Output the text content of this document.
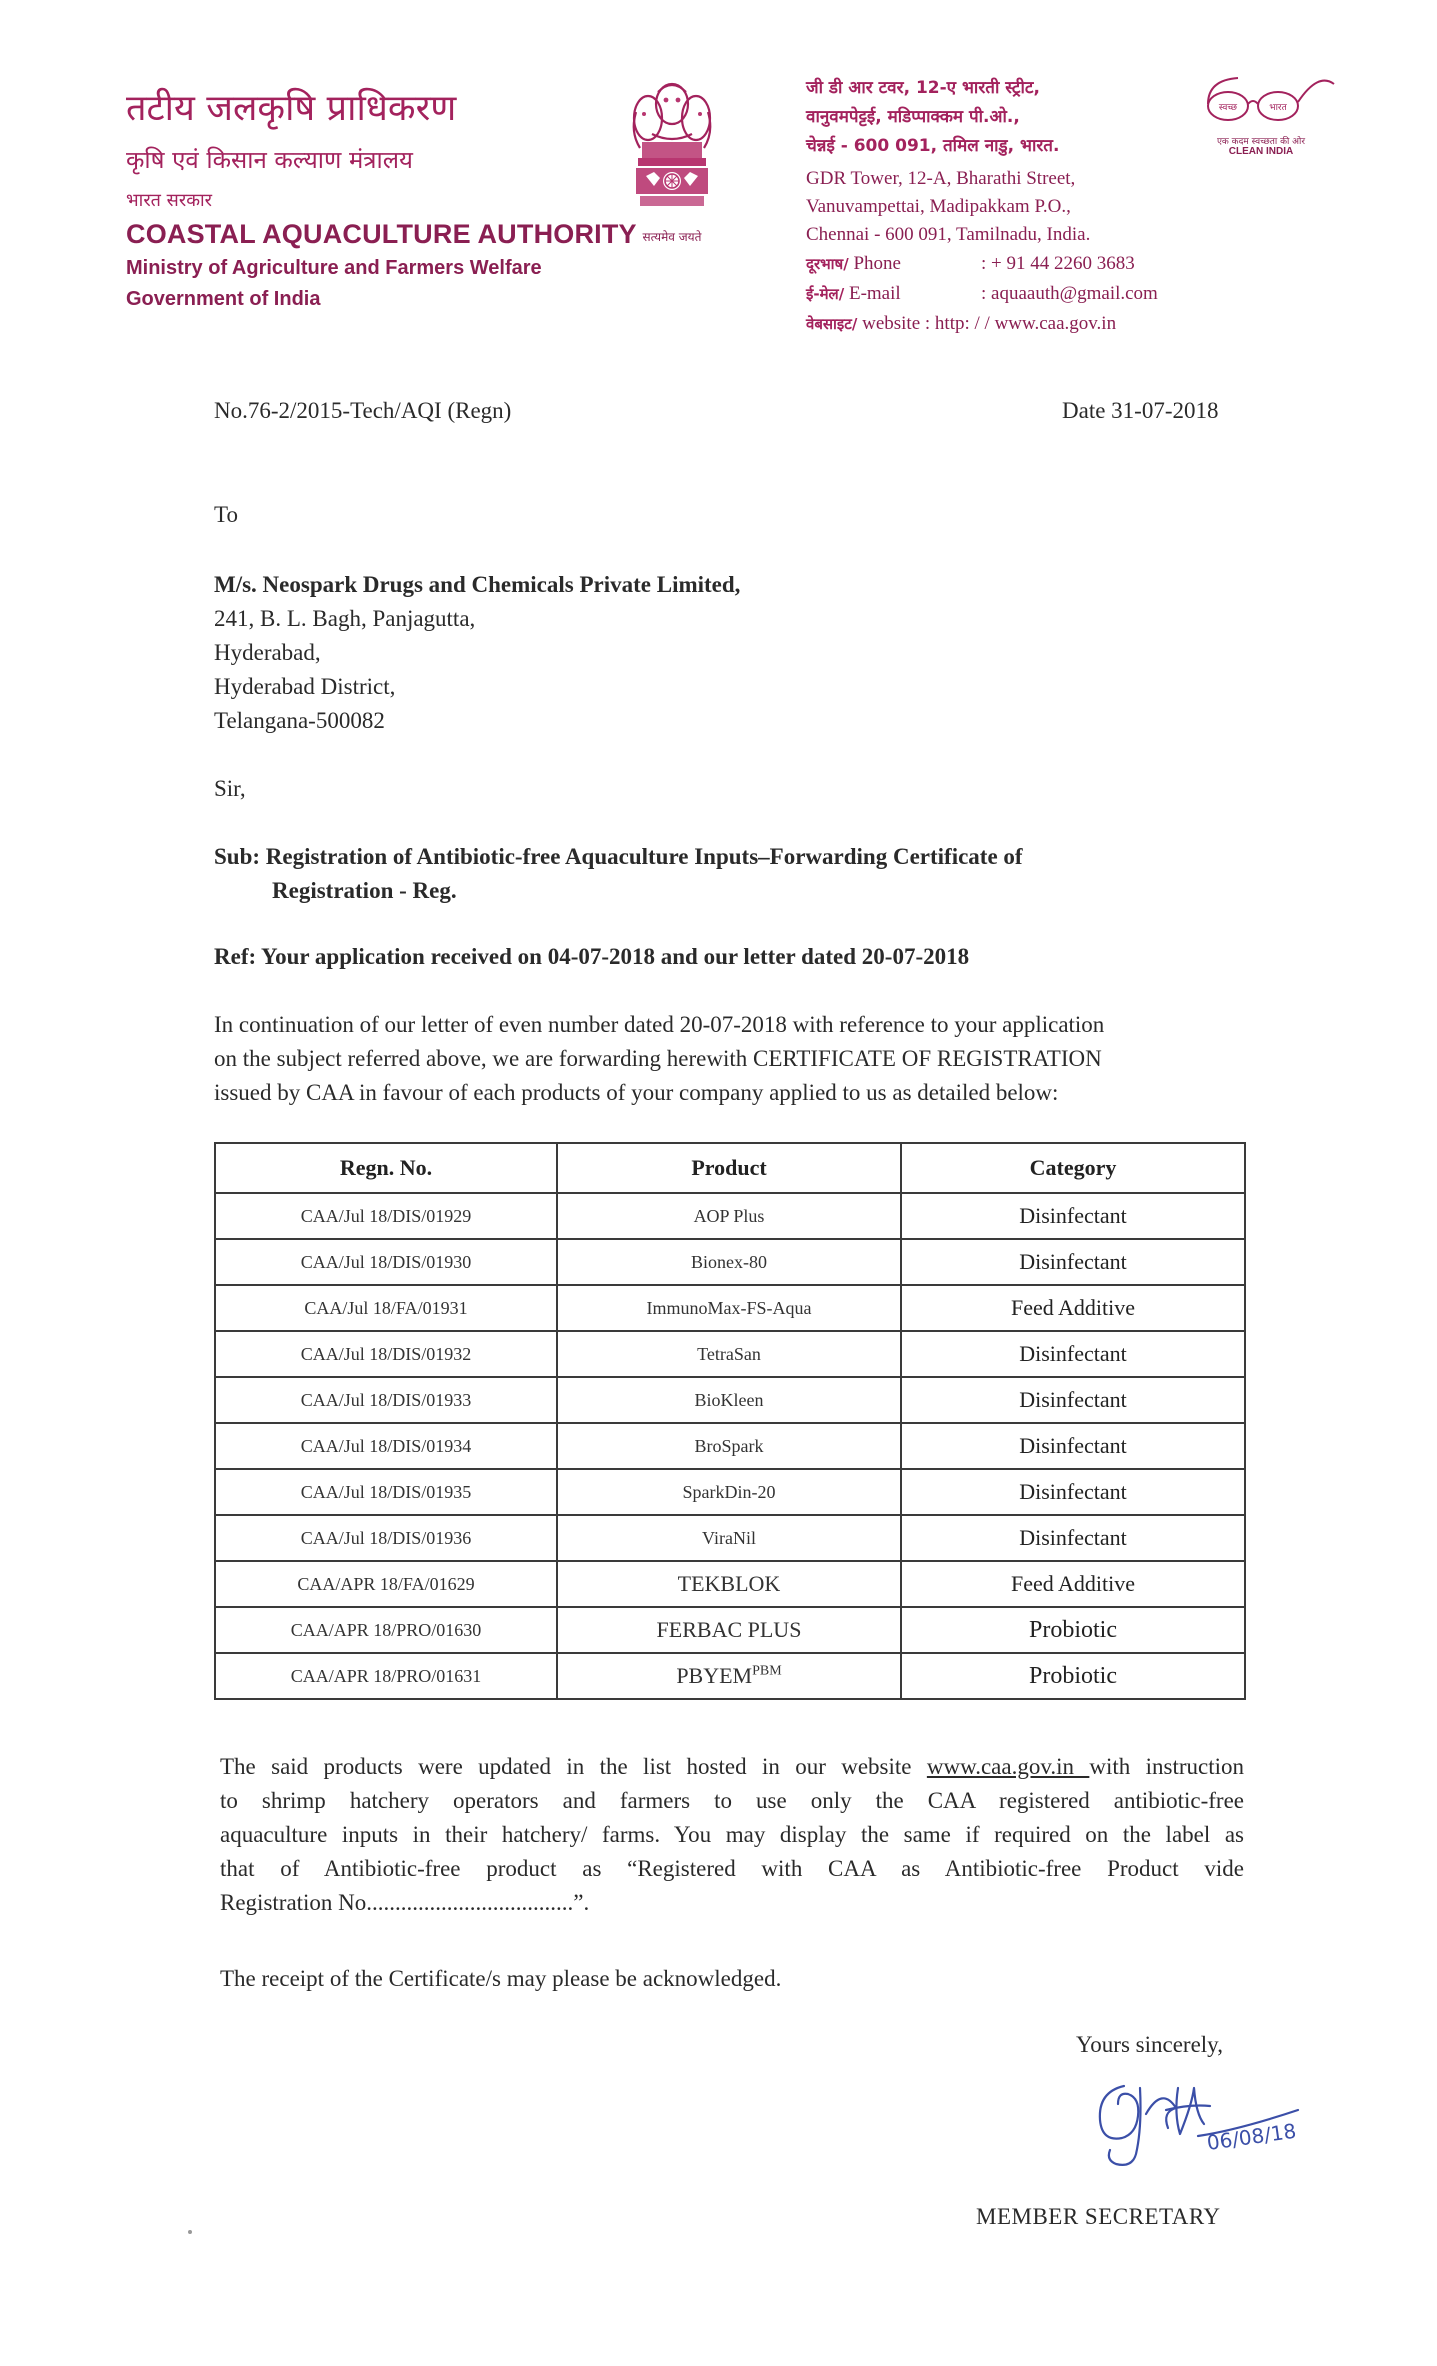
तटीय जलकृषि प्राधिकरण
कृषि एवं किसान कल्याण मंत्रालय
भारत सरकार
COASTAL AQUACULTURE AUTHORITY
Ministry of Agriculture and Farmers Welfare
Government of India
सत्यमेव जयते
जी डी आर टवर, 12-ए भारती स्ट्रीट,
वानुवमपेट्टई, मडिप्पाक्कम पी.ओ.,
चेन्नई - 600 091, तमिल नाडु, भारत.
GDR Tower, 12-A, Bharathi Street,
Vanuvampettai, Madipakkam P.O.,
Chennai - 600 091, Tamilnadu, India.
दूरभाष/ Phone	: + 91 44 2260 3683
ई-मेल/ E-mail	: aquaauth@gmail.com
वेबसाइट/ website : http: / / www.caa.gov.in
स्वच्छ	भारत
एक कदम स्वच्छता की ओर
CLEAN INDIA
No.76-2/2015-Tech/AQI (Regn)	Date 31-07-2018
To
M/s. Neospark Drugs and Chemicals Private Limited,
241, B. L. Bagh, Panjagutta,
Hyderabad,
Hyderabad District,
Telangana-500082
Sir,
Sub: Registration of Antibiotic-free Aquaculture Inputs–Forwarding Certificate of
Registration - Reg.
Ref: Your application received on 04-07-2018 and our letter dated 20-07-2018
In continuation of our letter of even number dated 20-07-2018 with reference to your application
on the subject referred above, we are forwarding herewith CERTIFICATE OF REGISTRATION
issued by CAA in favour of each products of your company applied to us as detailed below:
Regn. No.	Product	Category
CAA/Jul 18/DIS/01929	AOP Plus	Disinfectant
CAA/Jul 18/DIS/01930	Bionex-80	Disinfectant
CAA/Jul 18/FA/01931	ImmunoMax-FS-Aqua	Feed Additive
CAA/Jul 18/DIS/01932	TetraSan	Disinfectant
CAA/Jul 18/DIS/01933	BioKleen	Disinfectant
CAA/Jul 18/DIS/01934	BroSpark	Disinfectant
CAA/Jul 18/DIS/01935	SparkDin-20	Disinfectant
CAA/Jul 18/DIS/01936	ViraNil	Disinfectant
CAA/APR 18/FA/01629	TEKBLOK	Feed Additive
CAA/APR 18/PRO/01630	FERBAC PLUS	Probiotic
CAA/APR 18/PRO/01631	$PBYEM^{PBM}$	Probiotic
The said products were updated in the list hosted in our website www.caa.gov.in with instruction
to shrimp hatchery operators and farmers to use only the CAA registered antibiotic-free
aquaculture inputs in their hatchery/ farms. You may display the same if required on the label as
that of Antibiotic-free product as “Registered with CAA as Antibiotic-free Product vide
Registration No....................................”.
The receipt of the Certificate/s may please be acknowledged.
Yours sincerely,
06/08/18
MEMBER SECRETARY
